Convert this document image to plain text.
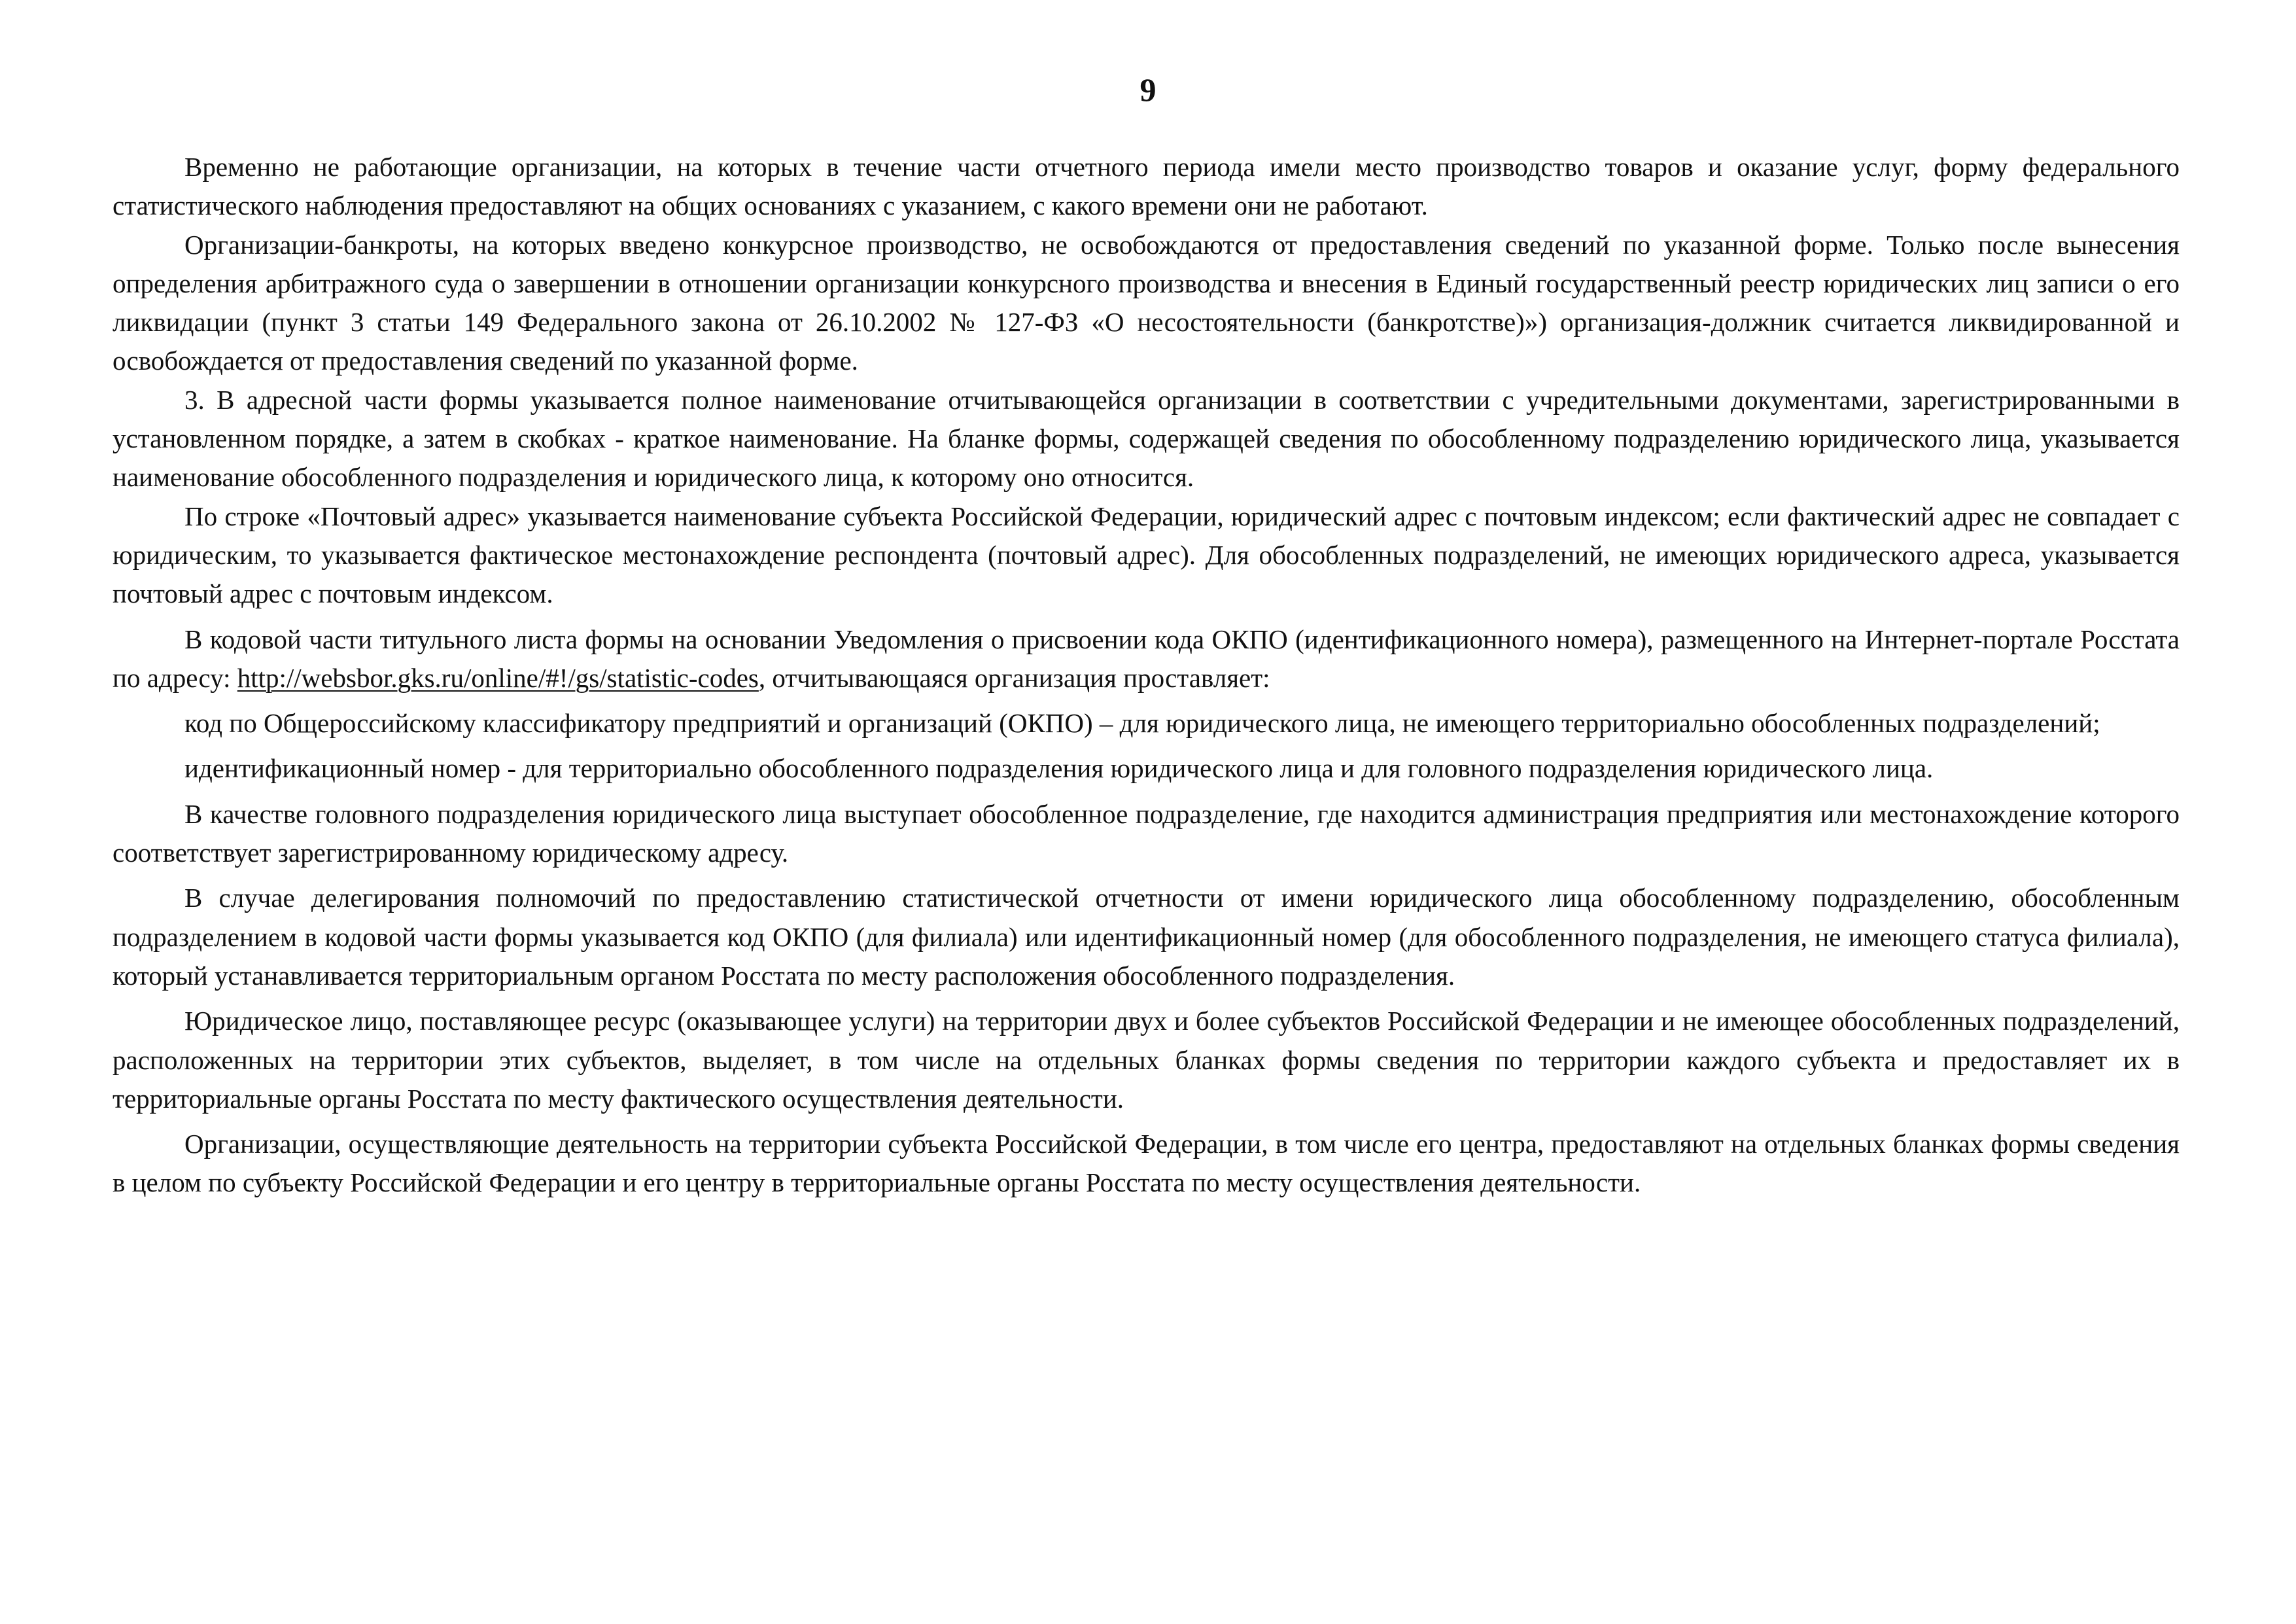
9

Временно не работающие организации, на которых в течение части отчетного периода имели место производство товаров и оказание услуг, форму федерального статистического наблюдения предоставляют на общих основаниях с указанием, с какого времени они не работают.

Организации-банкроты, на которых введено конкурсное производство, не освобождаются от предоставления сведений по указанной форме. Только после вынесения определения арбитражного суда о завершении в отношении организации конкурсного производства и внесения в Единый государственный реестр юридических лиц записи о его ликвидации (пункт 3 статьи 149 Федерального закона от 26.10.2002 № 127-ФЗ «О несостоятельности (банкротстве)») организация-должник считается ликвидированной и освобождается от предоставления сведений по указанной форме.

3. В адресной части формы указывается полное наименование отчитывающейся организации в соответствии с учредительными документами, зарегистрированными в установленном порядке, а затем в скобках - краткое наименование. На бланке формы, содержащей сведения по обособленному подразделению юридического лица, указывается наименование обособленного подразделения и юридического лица, к которому оно относится.

По строке «Почтовый адрес» указывается наименование субъекта Российской Федерации, юридический адрес с почтовым индексом; если фактический адрес не совпадает с юридическим, то указывается фактическое местонахождение респондента (почтовый адрес). Для обособленных подразделений, не имеющих юридического адреса, указывается почтовый адрес с почтовым индексом.

В кодовой части титульного листа формы на основании Уведомления о присвоении кода ОКПО (идентификационного номера), размещенного на Интернет-портале Росстата по адресу: http://websbor.gks.ru/online/#!/gs/statistic-codes, отчитывающаяся организация проставляет:

код по Общероссийскому классификатору предприятий и организаций (ОКПО) – для юридического лица, не имеющего территориально обособленных подразделений;

идентификационный номер - для территориально обособленного подразделения юридического лица и для головного подразделения юридического лица.

В качестве головного подразделения юридического лица выступает обособленное подразделение, где находится администрация предприятия или местонахождение которого соответствует зарегистрированному юридическому адресу.

В случае делегирования полномочий по предоставлению статистической отчетности от имени юридического лица обособленному подразделению, обособленным подразделением в кодовой части формы указывается код ОКПО (для филиала) или идентификационный номер (для обособленного подразделения, не имеющего статуса филиала), который устанавливается территориальным органом Росстата по месту расположения обособленного подразделения.

Юридическое лицо, поставляющее ресурс (оказывающее услуги) на территории двух и более субъектов Российской Федерации и не имеющее обособленных подразделений, расположенных на территории этих субъектов, выделяет, в том числе на отдельных бланках формы сведения по территории каждого субъекта и предоставляет их в территориальные органы Росстата по месту фактического осуществления деятельности.

Организации, осуществляющие деятельность на территории субъекта Российской Федерации, в том числе его центра, предоставляют на отдельных бланках формы сведения в целом по субъекту Российской Федерации и его центру в территориальные органы Росстата по месту осуществления деятельности.
